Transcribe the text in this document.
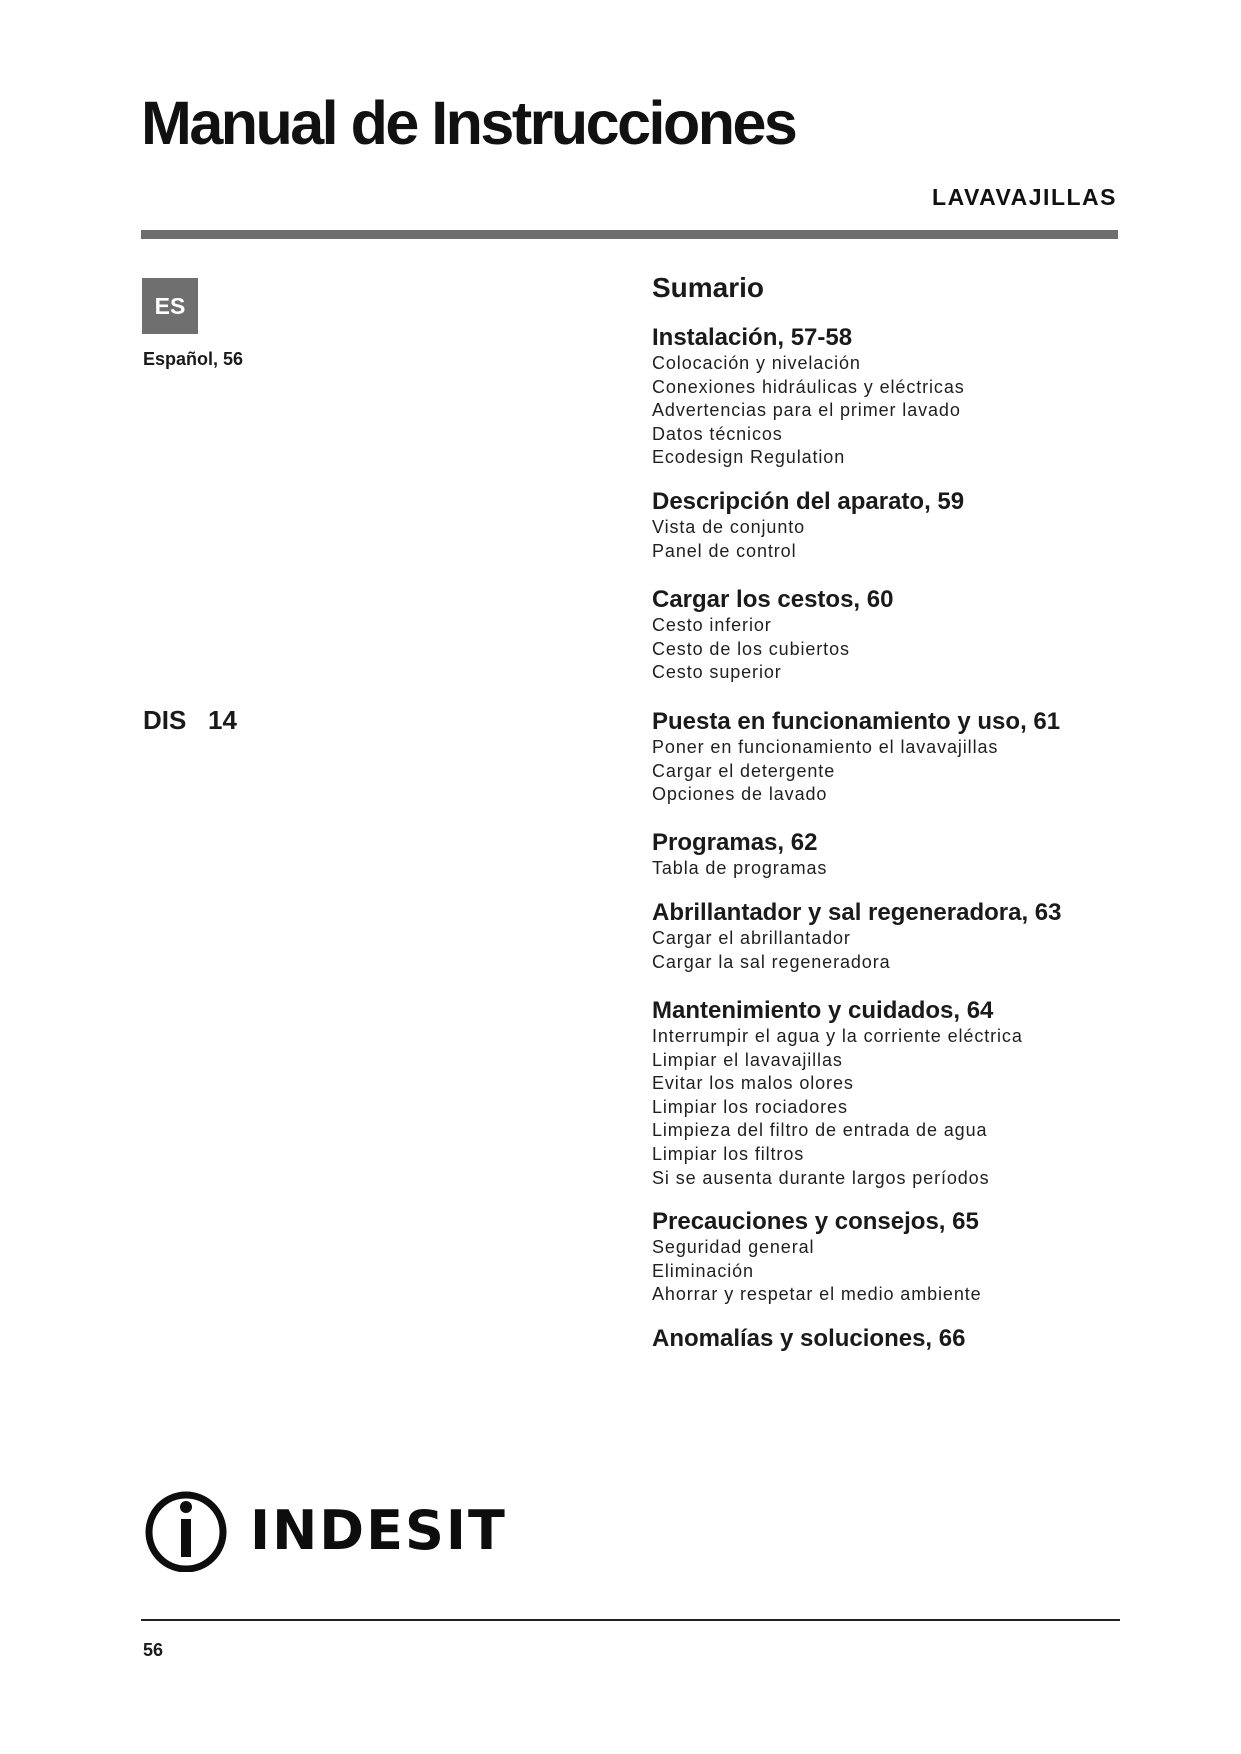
Manual de Instrucciones
LAVAVAJILLAS
ES
Español, 56
DIS   14
Sumario
Instalación, 57-58
Colocación y nivelación
Conexiones hidráulicas y eléctricas
Advertencias para el primer lavado
Datos técnicos
Ecodesign Regulation
Descripción del aparato, 59
Vista de conjunto
Panel de control
Cargar los cestos, 60
Cesto inferior
Cesto de los cubiertos
Cesto superior
Puesta en funcionamiento y uso, 61
Poner en funcionamiento el lavavajillas
Cargar el detergente
Opciones de lavado
Programas, 62
Tabla de programas
Abrillantador y sal regeneradora, 63
Cargar el abrillantador
Cargar la sal regeneradora
Mantenimiento y cuidados, 64
Interrumpir el agua y la corriente eléctrica
Limpiar el lavavajillas
Evitar los malos olores
Limpiar los rociadores
Limpieza del filtro de entrada de agua
Limpiar los filtros
Si se ausenta durante largos períodos
Precauciones y consejos, 65
Seguridad general
Eliminación
Ahorrar y respetar el medio ambiente
Anomalías y soluciones, 66
INDESIT
56
